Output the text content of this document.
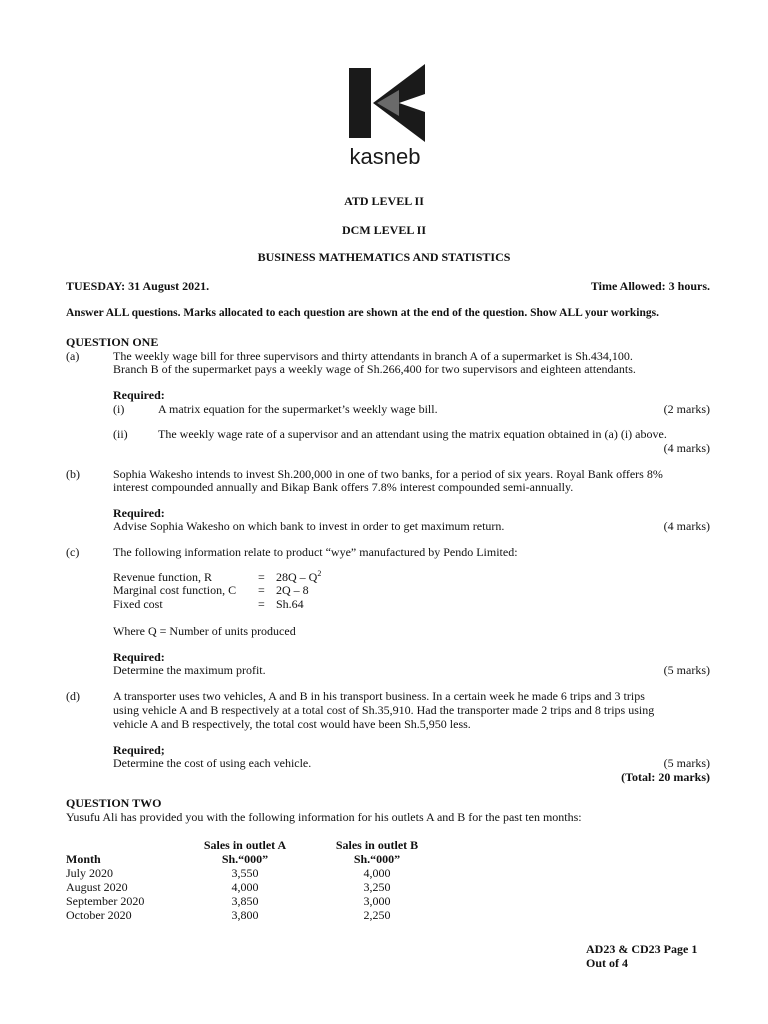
kasneb
ATD LEVEL II
DCM LEVEL II
BUSINESS MATHEMATICS AND STATISTICS
TUESDAY: 31 August 2021.	Time Allowed: 3 hours.
Answer ALL questions. Marks allocated to each question are shown at the end of the question. Show ALL your workings.
QUESTION ONE
(a)	The weekly wage bill for three supervisors and thirty attendants in branch A of a supermarket is Sh.434,100.
Branch B of the supermarket pays a weekly wage of Sh.266,400 for two supervisors and eighteen attendants.
Required:
(i)	A matrix equation for the supermarket’s weekly wage bill.	(2 marks)
(ii)	The weekly wage rate of a supervisor and an attendant using the matrix equation obtained in (a) (i) above.
(4 marks)
(b)	Sophia Wakesho intends to invest Sh.200,000 in one of two banks, for a period of six years. Royal Bank offers 8%
interest compounded annually and Bikap Bank offers 7.8% interest compounded semi-annually.
Required:
Advise Sophia Wakesho on which bank to invest in order to get maximum return.	(4 marks)
(c)	The following information relate to product “wye” manufactured by Pendo Limited:
Revenue function, R	= $28Q - Q^2$
Marginal cost function, C = 2Q – 8
Fixed cost	= Sh.64
Where Q = Number of units produced
Required:
Determine the maximum profit.	(5 marks)
(d)	A transporter uses two vehicles, A and B in his transport business. In a certain week he made 6 trips and 3 trips
using vehicle A and B respectively at a total cost of Sh.35,910. Had the transporter made 2 trips and 8 trips using
vehicle A and B respectively, the total cost would have been Sh.5,950 less.
Required;
Determine the cost of using each vehicle.	(5 marks)
(Total: 20 marks)
QUESTION TWO
Yusufu Ali has provided you with the following information for his outlets A and B for the past ten months:
	Sales in outlet A	Sales in outlet B
Month	Sh.“000”	Sh.“000”
July 2020	3,550	4,000
August 2020	4,000	3,250
September 2020	3,850	3,000
October 2020	3,800	2,250
AD23 & CD23 Page 1
Out of 4
